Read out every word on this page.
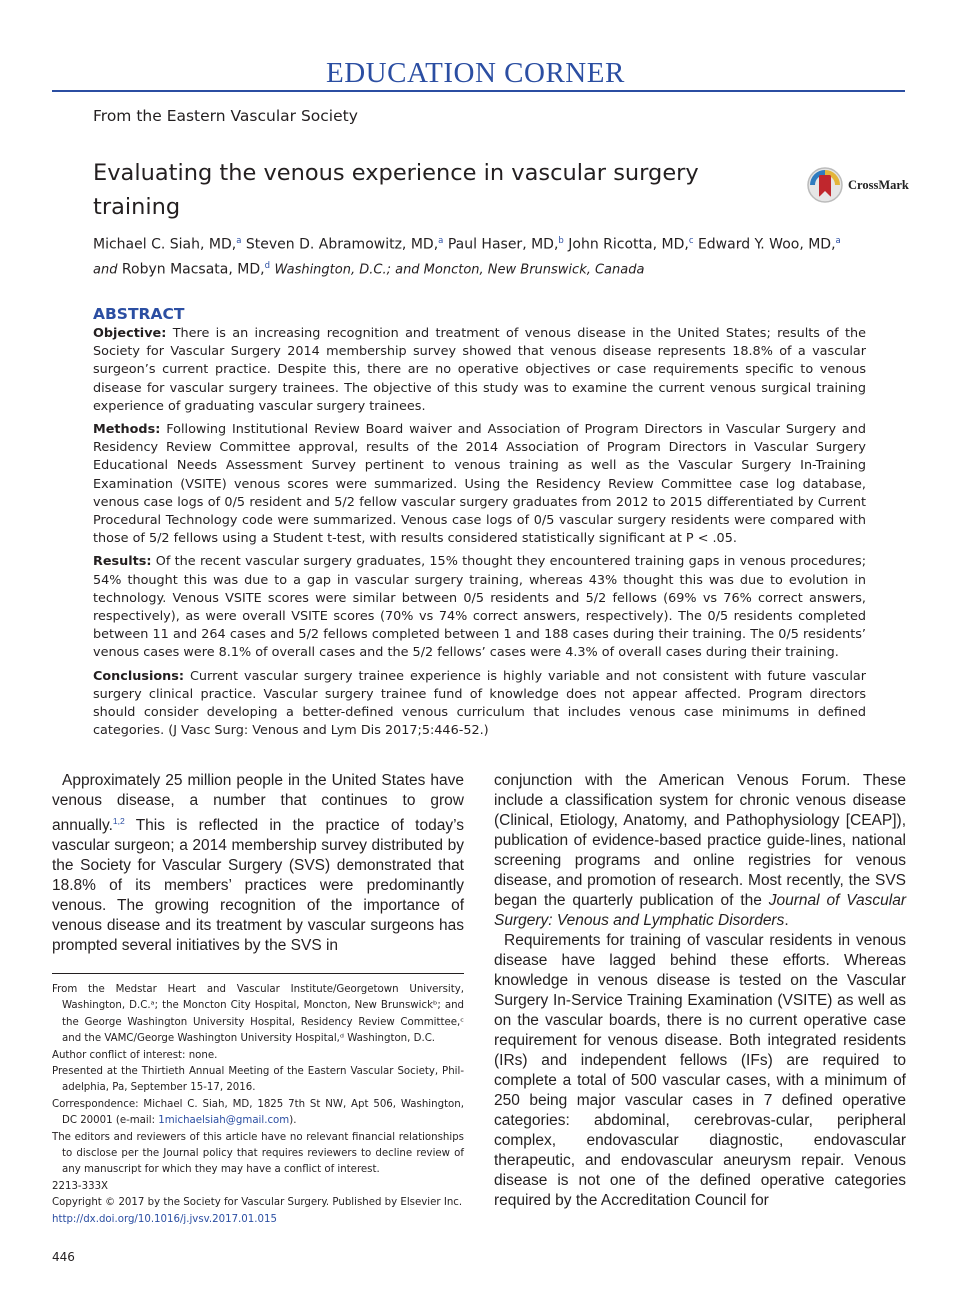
EDUCATION CORNER
From the Eastern Vascular Society
Evaluating the venous experience in vascular surgery training
CrossMark
Michael C. Siah, MD,$^a$ Steven D. Abramowitz, MD,$^a$ Paul Haser, MD,$^b$ John Ricotta, MD,$^c$ Edward Y. Woo, MD,$^a$
and Robyn Macsata, MD,$^d$ Washington, D.C.; and Moncton, New Brunswick, Canada
ABSTRACT

Objective: There is an increasing recognition and treatment of venous disease in the United States; results of the Society for Vascular Surgery 2014 membership survey showed that venous disease represents 18.8% of a vascular surgeon’s current practice. Despite this, there are no operative objectives or case requirements specific to venous disease for vascular surgery trainees. The objective of this study was to examine the current venous surgical training experience of graduating vascular surgery trainees.

Methods: Following Institutional Review Board waiver and Association of Program Directors in Vascular Surgery and Residency Review Committee approval, results of the 2014 Association of Program Directors in Vascular Surgery Educational Needs Assessment Survey pertinent to venous training as well as the Vascular Surgery In-Training Examination (VSITE) venous scores were summarized. Using the Residency Review Committee case log database, venous case logs of 0/5 resident and 5/2 fellow vascular surgery graduates from 2012 to 2015 differentiated by Current Procedural Technology code were summarized. Venous case logs of 0/5 vascular surgery residents were compared with those of 5/2 fellows using a Student t-test, with results considered statistically significant at P < .05.

Results: Of the recent vascular surgery graduates, 15% thought they encountered training gaps in venous procedures; 54% thought this was due to a gap in vascular surgery training, whereas 43% thought this was due to evolution in technology. Venous VSITE scores were similar between 0/5 residents and 5/2 fellows (69% vs 76% correct answers, respectively), as were overall VSITE scores (70% vs 74% correct answers, respectively). The 0/5 residents completed between 11 and 264 cases and 5/2 fellows completed between 1 and 188 cases during their training. The 0/5 residents’ venous cases were 8.1% of overall cases and the 5/2 fellows’ cases were 4.3% of overall cases during their training.

Conclusions: Current vascular surgery trainee experience is highly variable and not consistent with future vascular surgery clinical practice. Vascular surgery trainee fund of knowledge does not appear affected. Program directors should consider developing a better-defined venous curriculum that includes venous case minimums in defined categories. (J Vasc Surg: Venous and Lym Dis 2017;5:446-52.)

Approximately 25 million people in the United States have venous disease, a number that continues to grow annually.$^{1,2}$ This is reflected in the practice of today’s vascular surgeon; a 2014 membership survey distributed by the Society for Vascular Surgery (SVS) demonstrated that 18.8% of its members’ practices were predominantly venous. The growing recognition of the importance of venous disease and its treatment by vascular surgeons has prompted several initiatives by the SVS in

From the Medstar Heart and Vascular Institute/Georgetown University, Washington, D.C.ᵃ; the Moncton City Hospital, Moncton, New Brunswickᵇ; and the George Washington University Hospital, Residency Review Committee,ᶜ and the VAMC/George Washington University Hospital,ᵈ Washington, D.C.

Author conflict of interest: none.

Presented at the Thirtieth Annual Meeting of the Eastern Vascular Society, Phil-adelphia, Pa, September 15-17, 2016.

Correspondence: Michael C. Siah, MD, 1825 7th St NW, Apt 506, Washington, DC 20001 (e-mail: 1michaelsiah@gmail.com).

The editors and reviewers of this article have no relevant financial relationships to disclose per the Journal policy that requires reviewers to decline review of any manuscript for which they may have a conflict of interest.

2213-333X

Copyright © 2017 by the Society for Vascular Surgery. Published by Elsevier Inc.

http://dx.doi.org/10.1016/j.jvsv.2017.01.015

conjunction with the American Venous Forum. These include a classification system for chronic venous disease (Clinical, Etiology, Anatomy, and Pathophysiology [CEAP]), publication of evidence-based practice guide-lines, national screening programs and online registries for venous disease, and promotion of research. Most recently, the SVS began the quarterly publication of the Journal of Vascular Surgery: Venous and Lymphatic Disorders.

Requirements for training of vascular residents in venous disease have lagged behind these efforts. Whereas knowledge in venous disease is tested on the Vascular Surgery In-Service Training Examination (VSITE) as well as on the vascular boards, there is no current operative case requirement for venous disease. Both integrated residents (IRs) and independent fellows (IFs) are required to complete a total of 500 vascular cases, with a minimum of 250 being major vascular cases in 7 defined operative categories: abdominal, cerebrovas-cular, peripheral complex, endovascular diagnostic, endovascular therapeutic, and endovascular aneurysm repair. Venous disease is not one of the defined operative categories required by the Accreditation Council for

446
